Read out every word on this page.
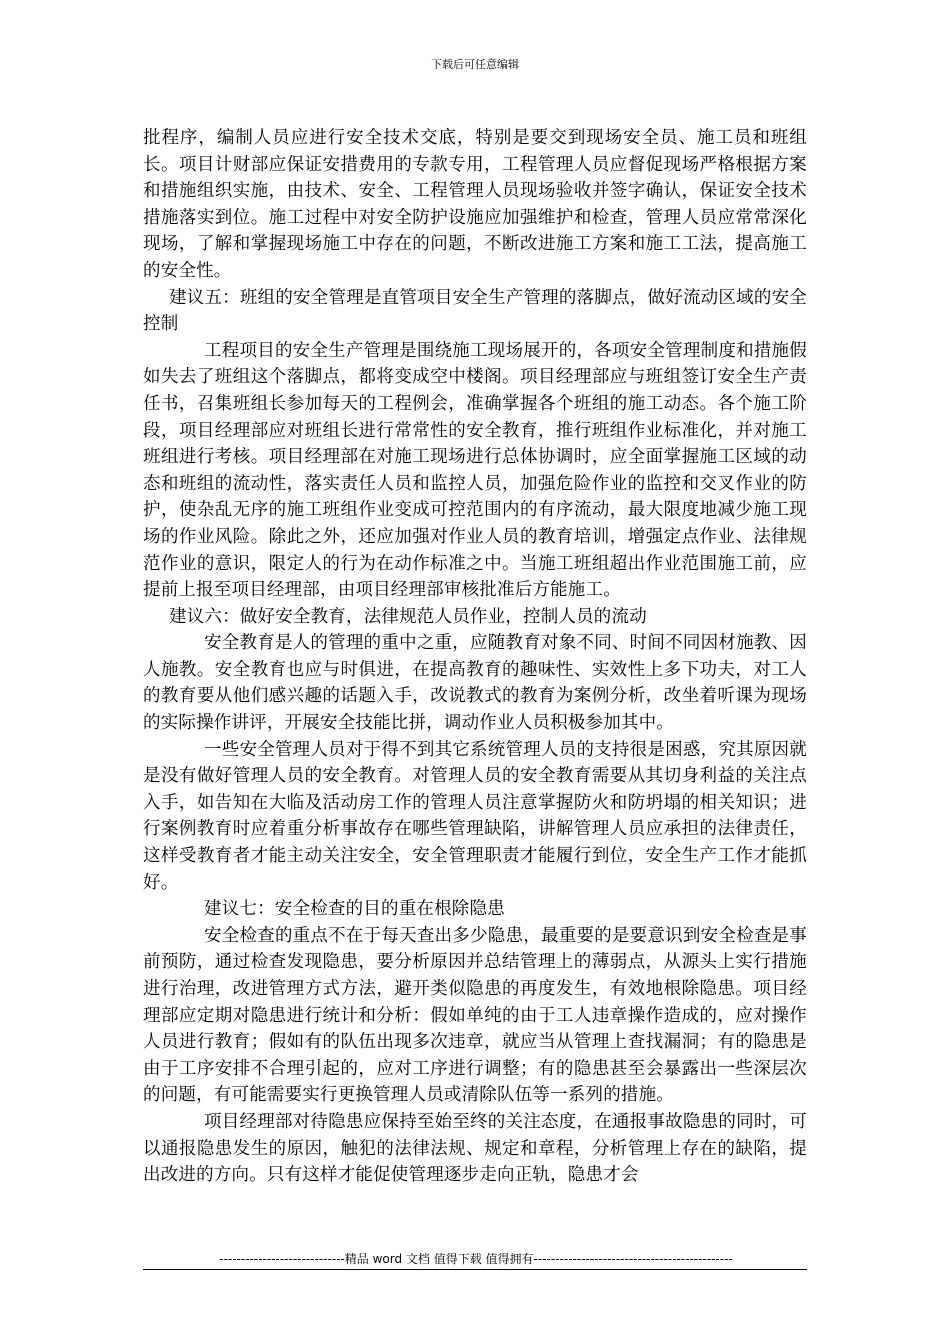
下载后可任意编辑

批程序，编制人员应进行安全技术交底，特别是要交到现场安全员、施工员和班组长。项目计财部应保证安措费用的专款专用，工程管理人员应督促现场严格根据方案和措施组织实施，由技术、安全、工程管理人员现场验收并签字确认，保证安全技术措施落实到位。施工过程中对安全防护设施应加强维护和检查，管理人员应常常深化现场，了解和掌握现场施工中存在的问题，不断改进施工方案和施工工法，提高施工的安全性。

建议五：班组的安全管理是直管项目安全生产管理的落脚点，做好流动区域的安全控制

工程项目的安全生产管理是围绕施工现场展开的，各项安全管理制度和措施假如失去了班组这个落脚点，都将变成空中楼阁。项目经理部应与班组签订安全生产责任书，召集班组长参加每天的工程例会，准确掌握各个班组的施工动态。各个施工阶段，项目经理部应对班组长进行常常性的安全教育，推行班组作业标准化，并对施工班组进行考核。项目经理部在对施工现场进行总体协调时，应全面掌握施工区域的动态和班组的流动性，落实责任人员和监控人员，加强危险作业的监控和交叉作业的防护，使杂乱无序的施工班组作业变成可控范围内的有序流动，最大限度地减少施工现场的作业风险。除此之外，还应加强对作业人员的教育培训，增强定点作业、法律规范作业的意识，限定人的行为在动作标准之中。当施工班组超出作业范围施工前，应提前上报至项目经理部，由项目经理部审核批准后方能施工。

建议六：做好安全教育，法律规范人员作业，控制人员的流动

安全教育是人的管理的重中之重，应随教育对象不同、时间不同因材施教、因人施教。安全教育也应与时俱进，在提高教育的趣味性、实效性上多下功夫，对工人的教育要从他们感兴趣的话题入手，改说教式的教育为案例分析，改坐着听课为现场的实际操作讲评，开展安全技能比拼，调动作业人员积极参加其中。

一些安全管理人员对于得不到其它系统管理人员的支持很是困惑，究其原因就是没有做好管理人员的安全教育。对管理人员的安全教育需要从其切身利益的关注点入手，如告知在大临及活动房工作的管理人员注意掌握防火和防坍塌的相关知识；进行案例教育时应着重分析事故存在哪些管理缺陷，讲解管理人员应承担的法律责任，这样受教育者才能主动关注安全，安全管理职责才能履行到位，安全生产工作才能抓好。

建议七：安全检查的目的重在根除隐患

安全检查的重点不在于每天查出多少隐患，最重要的是要意识到安全检查是事前预防，通过检查发现隐患，要分析原因并总结管理上的薄弱点，从源头上实行措施进行治理，改进管理方式方法，避开类似隐患的再度发生，有效地根除隐患。项目经理部应定期对隐患进行统计和分析：假如单纯的由于工人违章操作造成的，应对操作人员进行教育；假如有的队伍出现多次违章，就应当从管理上查找漏洞；有的隐患是由于工序安排不合理引起的，应对工序进行调整；有的隐患甚至会暴露出一些深层次的问题，有可能需要实行更换管理人员或清除队伍等一系列的措施。

项目经理部对待隐患应保持至始至终的关注态度，在通报事故隐患的同时，可以通报隐患发生的原因，触犯的法律法规、规定和章程，分析管理上存在的缺陷，提出改进的方向。只有这样才能促使管理逐步走向正轨，隐患才会

-----------------------------精品 word 文档 值得下载 值得拥有----------------------------------------------
